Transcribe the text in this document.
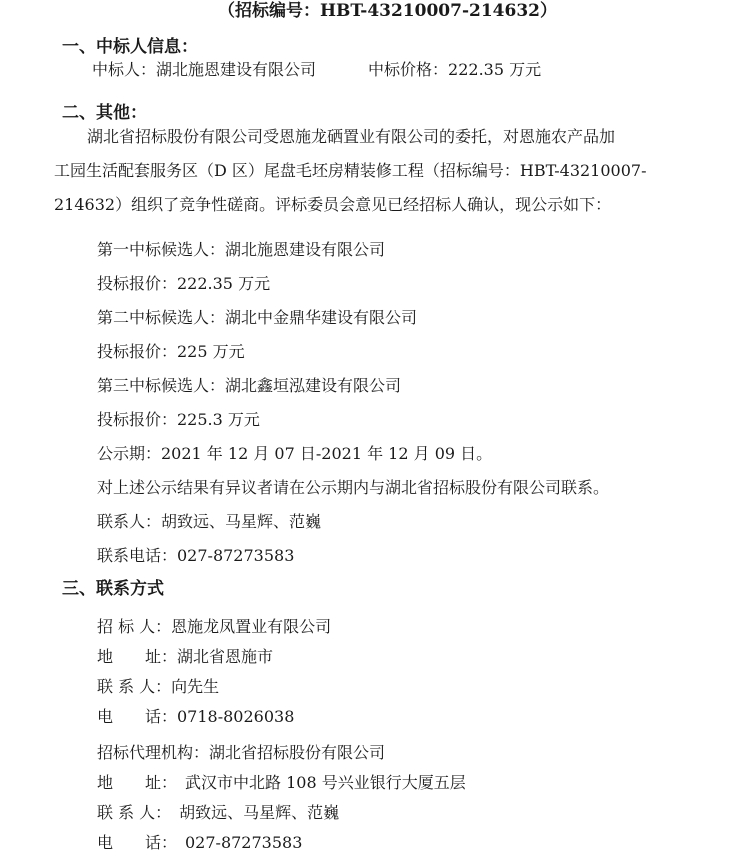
（招标编号：HBT-43210007-214632）
一、中标人信息：
中标人：湖北施恩建设有限公司	中标价格：222.35 万元
二、其他：
湖北省招标股份有限公司受恩施龙硒置业有限公司的委托，对恩施农产品加
工园生活配套服务区（D 区）尾盘毛坯房精装修工程（招标编号：HBT-43210007-
214632）组织了竞争性磋商。评标委员会意见已经招标人确认，现公示如下：
第一中标候选人：湖北施恩建设有限公司
投标报价：222.35 万元
第二中标候选人：湖北中金鼎华建设有限公司
投标报价：225 万元
第三中标候选人：湖北鑫垣泓建设有限公司
投标报价：225.3 万元
公示期：2021 年 12 月 07 日-2021 年 12 月 09 日。
对上述公示结果有异议者请在公示期内与湖北省招标股份有限公司联系。
联系人：胡致远、马星辉、范巍
联系电话：027-87273583
三、联系方式
招 标 人：恩施龙凤置业有限公司
地　　址：湖北省恩施市
联 系 人：向先生
电　　话：0718-8026038
招标代理机构：湖北省招标股份有限公司
地　　址：　武汉市中北路 108 号兴业银行大厦五层
联 系 人：　胡致远、马星辉、范巍
电　　话：　027-87273583
